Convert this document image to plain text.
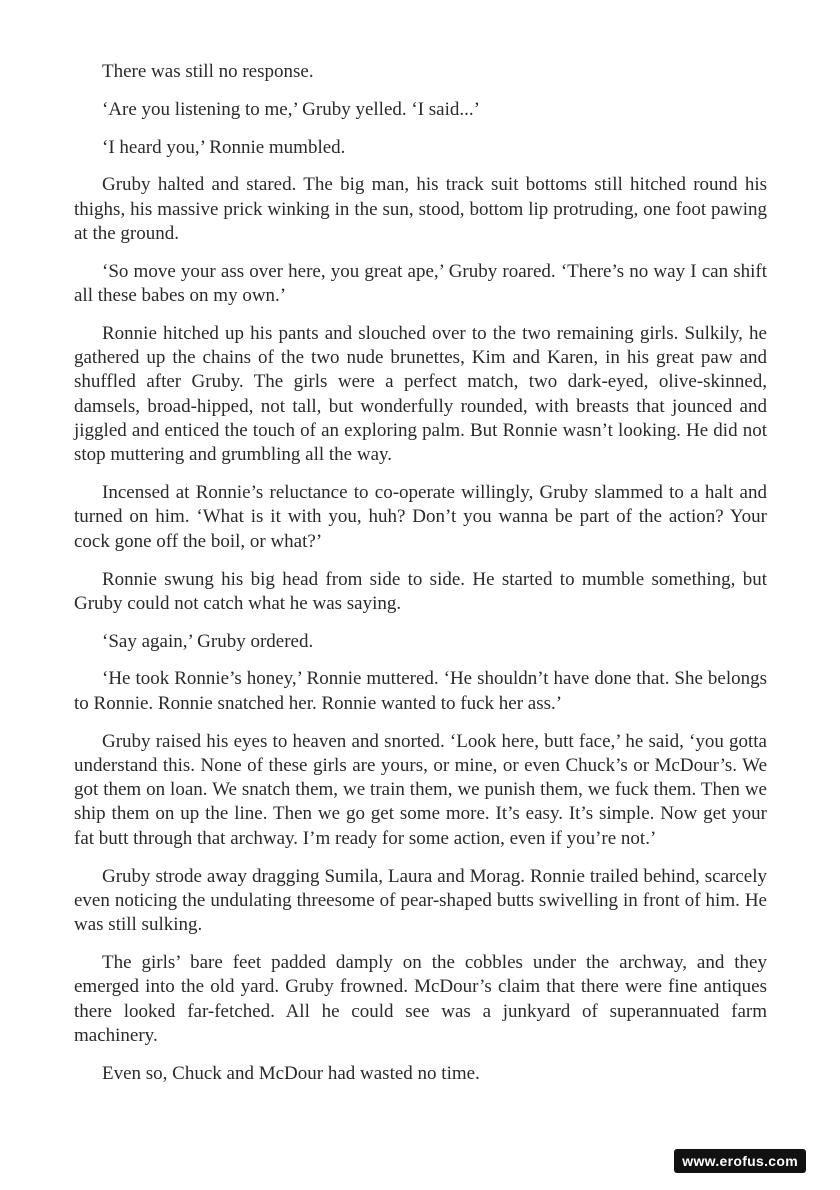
There was still no response.

‘Are you listening to me,’ Gruby yelled. ‘I said...’

‘I heard you,’ Ronnie mumbled.

Gruby halted and stared. The big man, his track suit bottoms still hitched round his thighs, his massive prick winking in the sun, stood, bottom lip protruding, one foot pawing at the ground.

‘So move your ass over here, you great ape,’ Gruby roared. ‘There’s no way I can shift all these babes on my own.’

Ronnie hitched up his pants and slouched over to the two remaining girls. Sulkily, he gathered up the chains of the two nude brunettes, Kim and Karen, in his great paw and shuffled after Gruby. The girls were a perfect match, two dark-eyed, olive-skinned, damsels, broad-hipped, not tall, but wonderfully rounded, with breasts that jounced and jiggled and enticed the touch of an exploring palm. But Ronnie wasn’t looking. He did not stop muttering and grumbling all the way.

Incensed at Ronnie’s reluctance to co-operate willingly, Gruby slammed to a halt and turned on him. ‘What is it with you, huh? Don’t you wanna be part of the action? Your cock gone off the boil, or what?’

Ronnie swung his big head from side to side. He started to mumble something, but Gruby could not catch what he was saying.

‘Say again,’ Gruby ordered.

‘He took Ronnie’s honey,’ Ronnie muttered. ‘He shouldn’t have done that. She belongs to Ronnie. Ronnie snatched her. Ronnie wanted to fuck her ass.’

Gruby raised his eyes to heaven and snorted. ‘Look here, butt face,’ he said, ‘you gotta understand this. None of these girls are yours, or mine, or even Chuck’s or McDour’s. We got them on loan. We snatch them, we train them, we punish them, we fuck them. Then we ship them on up the line. Then we go get some more. It’s easy. It’s simple. Now get your fat butt through that archway. I’m ready for some action, even if you’re not.’

Gruby strode away dragging Sumila, Laura and Morag. Ronnie trailed behind, scarcely even noticing the undulating threesome of pear-shaped butts swivelling in front of him. He was still sulking.

The girls’ bare feet padded damply on the cobbles under the archway, and they emerged into the old yard. Gruby frowned. McDour’s claim that there were fine antiques there looked far-fetched. All he could see was a junkyard of superannuated farm machinery.

Even so, Chuck and McDour had wasted no time.

www.erofus.com
